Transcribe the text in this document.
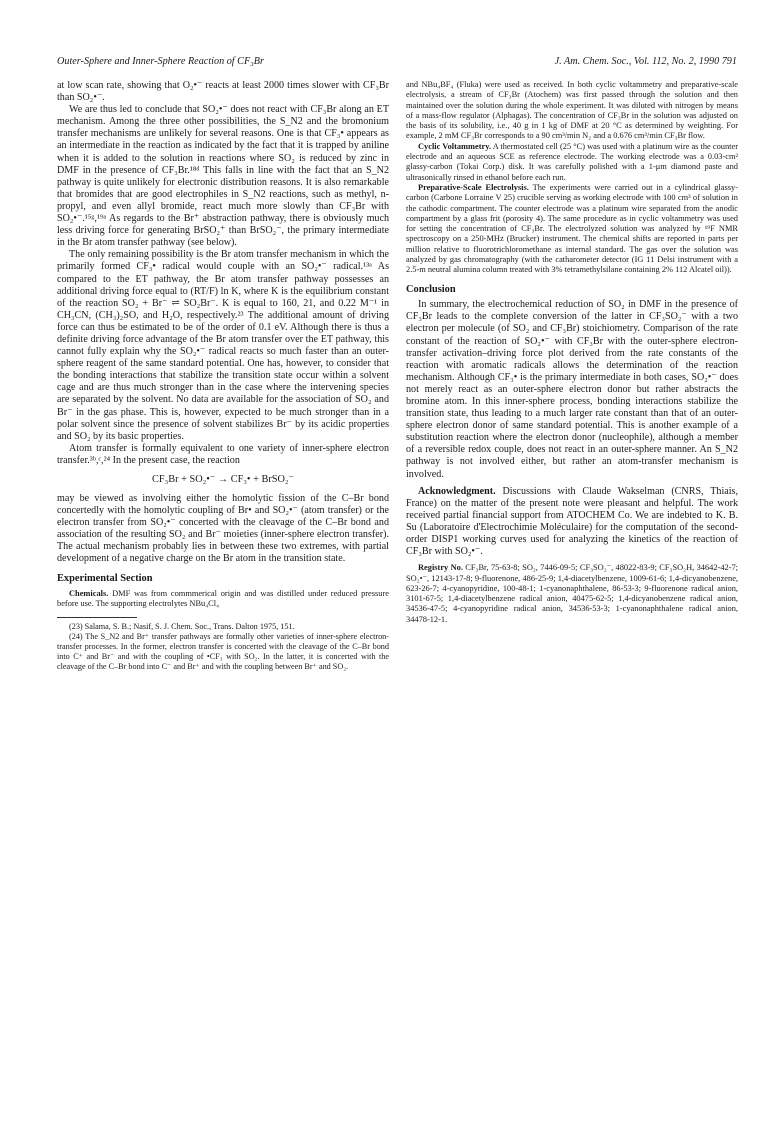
Outer-Sphere and Inner-Sphere Reaction of CF₃Br	J. Am. Chem. Soc., Vol. 112, No. 2, 1990 791

at low scan rate, showing that O₂•⁻ reacts at least 2000 times slower with CF₃Br than SO₂•⁻.

We are thus led to conclude that SO₂•⁻ does not react with CF₃Br along an ET mechanism. Among the three other possibilities, the S_N2 and the bromonium transfer mechanisms are unlikely for several reasons. One is that CF₃• appears as an intermediate in the reaction as indicated by the fact that it is trapped by aniline when it is added to the solution in reactions where SO₂ is reduced by zinc in DMF in the presence of CF₃Br.¹⁸ᵈ This falls in line with the fact that an S_N2 pathway is quite unlikely for electronic distribution reasons. It is also remarkable that bromides that are good electrophiles in S_N2 reactions, such as methyl, n-propyl, and even allyl bromide, react much more slowly than CF₃Br with SO₂•⁻.¹⁵ᵍ,¹⁹ᵃ As regards to the Br⁺ abstraction pathway, there is obviously much less driving force for generating BrSO₂⁺ than BrSO₂⁻, the primary intermediate in the Br atom transfer pathway (see below).

The only remaining possibility is the Br atom transfer mechanism in which the primarily formed CF₃• radical would couple with an SO₂•⁻ radical.¹³ᵃ As compared to the ET pathway, the Br atom transfer pathway possesses an additional driving force equal to (RT/F) ln K, where K is the equilibrium constant of the reaction SO₂ + Br⁻ ⇌ SO₂Br⁻. K is equal to 160, 21, and 0.22 M⁻¹ in CH₃CN, (CH₃)₂SO, and H₂O, respectively.²³ The additional amount of driving force can thus be estimated to be of the order of 0.1 eV. Although there is thus a definite driving force advantage of the Br atom transfer over the ET pathway, this cannot fully explain why the SO₂•⁻ radical reacts so much faster than an outer-sphere reagent of the same standard potential. One has, however, to consider that the bonding interactions that stabilize the transition state occur within a solvent cage and are thus much stronger than in the case where the intervening species are separated by the solvent. No data are available for the association of SO₂ and Br⁻ in the gas phase. This is, however, expected to be much stronger than in a polar solvent since the presence of solvent stabilizes Br⁻ by its acidic properties and SO₂ by its basic properties.

Atom transfer is formally equivalent to one variety of inner-sphere electron transfer.³ᵇ,ᶜ,²⁴ In the present case, the reaction

CF₃Br + SO₂•⁻ → CF₃• + BrSO₂⁻

may be viewed as involving either the homolytic fission of the C–Br bond concertedly with the homolytic coupling of Br• and SO₂•⁻ (atom transfer) or the electron transfer from SO₂•⁻ concerted with the cleavage of the C–Br bond and association of the resulting SO₂ and Br⁻ moieties (inner-sphere electron transfer). The actual mechanism probably lies in between these two extremes, with partial development of a negative charge on the Br atom in the transition state.

Experimental Section

Chemicals. DMF was from commmerical origin and was distilled under reduced pressure before use. The supporting electrolytes NBu₄Cl₄

(23) Salama, S. B.; Nasif, S. J. Chem. Soc., Trans. Dalton 1975, 151.

(24) The S_N2 and Br⁺ transfer pathways are formally other varieties of inner-sphere electron-transfer processes. In the former, electron transfer is concerted with the cleavage of the C–Br bond into C⁺ and Br⁻ and with the coupling of •CF₃ with SO₂. In the latter, it is concerted with the cleavage of the C–Br bond into C⁻ and Br⁺ and with the coupling between Br⁺ and SO₂.

and NBu₄BF₄ (Fluka) were used as received. In both cyclic voltammetry and preparative-scale electrolysis, a stream of CF₃Br (Atochem) was first passed through the solution and then maintained over the solution during the whole experiment. It was diluted with nitrogen by means of a mass-flow regulator (Alphagas). The concentration of CF₃Br in the solution was adjusted on the basis of its solubility, i.e., 40 g in 1 kg of DMF at 20 °C as determined by weighting. For example, 2 mM CF₃Br corresponds to a 90 cm³/min N₂ and a 0.676 cm³/min CF₃Br flow.

Cyclic Voltammetry. A thermostated cell (25 °C) was used with a platinum wire as the counter electrode and an aqueous SCE as reference electrode. The working electrode was a 0.03-cm² glassy-carbon (Tokai Corp.) disk. It was carefully polished with a 1-μm diamond paste and ultrasonically rinsed in ethanol before each run.

Preparative-Scale Electrolysis. The experiments were carried out in a cylindrical glassy-carbon (Carbone Lorraine V 25) crucible serving as working electrode with 100 cm³ of solution in the cathodic compartment. The counter electrode was a platinum wire separated from the anodic compartment by a glass frit (porosity 4). The same procedure as in cyclic voltammetry was used for setting the concentration of CF₃Br. The electrolyzed solution was analyzed by ¹⁹F NMR spectroscopy on a 250-MHz (Brucker) instrument. The chemical shifts are reported in parts per million relative to fluorotrichloromethane as internal standard. The gas over the solution was analyzed by gas chromatography (with the catharometer detector (IG 11 Delsi instrument with a 2.5-m neutral alumina column treated with 3% tetramethylsilane containing 2% 112 Alcatel oil)).

Conclusion

In summary, the electrochemical reduction of SO₂ in DMF in the presence of CF₃Br leads to the complete conversion of the latter in CF₃SO₂⁻ with a two electron per molecule (of SO₂ and CF₃Br) stoichiometry. Comparison of the rate constant of the reaction of SO₂•⁻ with CF₃Br with the outer-sphere electron-transfer activation–driving force plot derived from the rate constants of the reaction with aromatic radicals allows the determination of the reaction mechanism. Although CF₃• is the primary intermediate in both cases, SO₂•⁻ does not merely react as an outer-sphere electron donor but rather abstracts the bromine atom. In this inner-sphere process, bonding interactions stabilize the transition state, thus leading to a much larger rate constant than that of an outer-sphere electron donor of same standard potential. This is another example of a substitution reaction where the electron donor (nucleophile), although a member of a reversible redox couple, does not react in an outer-sphere manner. An S_N2 pathway is not involved either, but rather an atom-transfer mechanism is involved.

Acknowledgment. Discussions with Claude Wakselman (CNRS, Thiais, France) on the matter of the present note were pleasant and helpful. The work received partial financial support from ATOCHEM Co. We are indebted to K. B. Su (Laboratoire d'Electrochimie Moléculaire) for the computation of the second-order DISP1 working curves used for analyzing the kinetics of the reaction of CF₃Br with SO₂•⁻.

Registry No. CF₃Br, 75-63-8; SO₂, 7446-09-5; CF₃SO₂⁻, 48022-83-9; CF₃SO₂H, 34642-42-7; SO₂•⁻, 12143-17-8; 9-fluorenone, 486-25-9; 1,4-diacetylbenzene, 1009-61-6; 1,4-dicyanobenzene, 623-26-7; 4-cyanopyridine, 100-48-1; 1-cyanonaphthalene, 86-53-3; 9-fluorenone radical anion, 3101-67-5; 1,4-diacetylbenzene radical anion, 40475-62-5; 1,4-dicyanobenzene radical anion, 34536-47-5; 4-cyanopyridine radical anion, 34536-53-3; 1-cyanonaphthalene radical anion, 34478-12-1.
